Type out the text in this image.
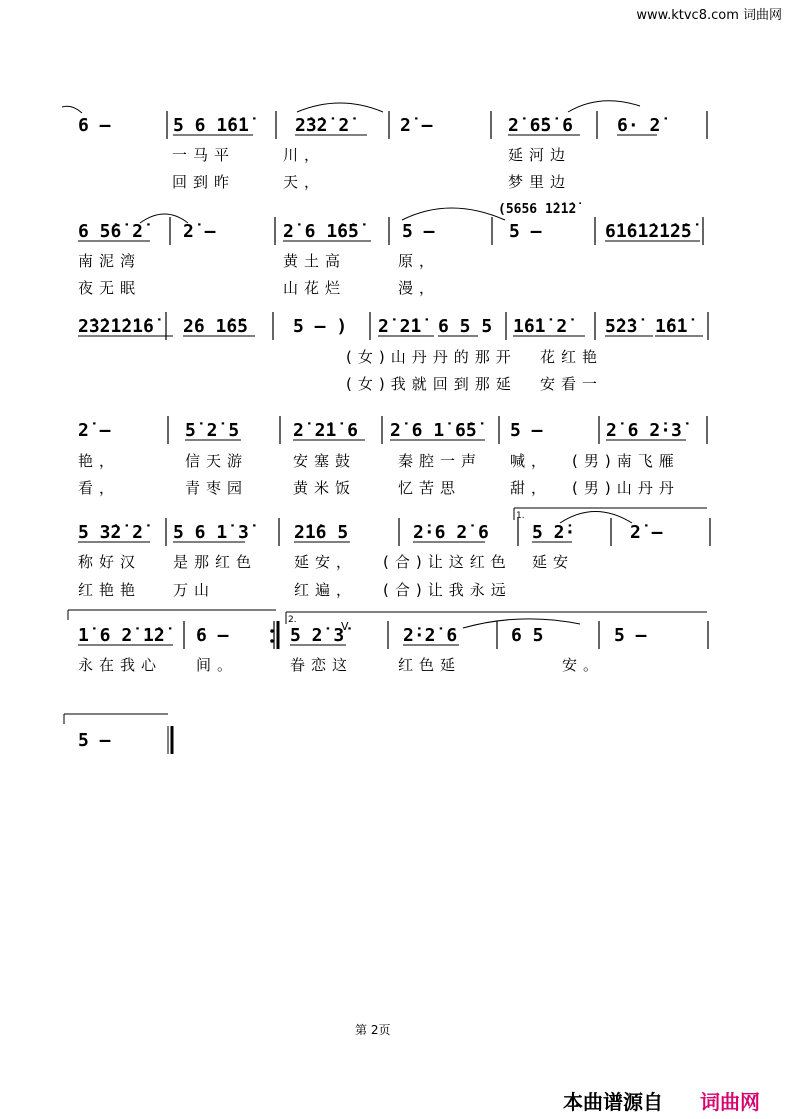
www.ktvc8.com 词曲网
6 –	5 6 1̇6̇1̇	2̇3̇2̇ 2̇	2̇ –	2̇ 6̇5̇ 6 6· 2̇
一马平	川，	延河边
回到昨	天，	梦里边
6 5̇6̇ 2̇	2̇ –	2̇ 6 1̇6̇5̇	5 –	5 –	6̇1̇6̇1̇2̇1̇2̇5̇
(5656 1̇2̇1̇2̇
南泥湾	黄土高	原，
夜无眠	山花烂	漫，
2̇3̇2̇1̇2̇1̇6̇	2̇6 1̇6̇5 5 – ) 2̇ 2̇1̇ 6 5 5 1̇6̇1̇ 2̇	5̇2̇3̇ 1̇6̇1̇
(女)山丹丹的那开 花红艳
(女)我就回到那延 安看一
2̇ –	5̇ 2̇ 5	2̇ 2̇1̇ 6 2̇ 6 1̇ 6̇5̇	5 –	2̇ 6 2̇·3̇
艳，	信天游	安塞鼓	秦腔一声 喊， (男)南飞雁
看，	青枣园	黄米饭	忆苦思	甜， (男)山丹丹
5 3̇2̇ 2̇	5 6 1̇ 3̇	2̇1̇6 5	2̇·6 2̇ 6 5 2̇·	2̇ –
1.
称好汉 是那红色 延安， (合)让这红色 延安
红艳艳 万山	红遍， (合)让我永远
1̇ 6 2̇ 1̇2̇	6 –	5 2̇ 3̇	2̇·2̇ 6	6 5	5 –
2.	V
永在我心 间。	眷恋这	红色延	安。
5 –
第 2页
本曲谱源自 词曲网
